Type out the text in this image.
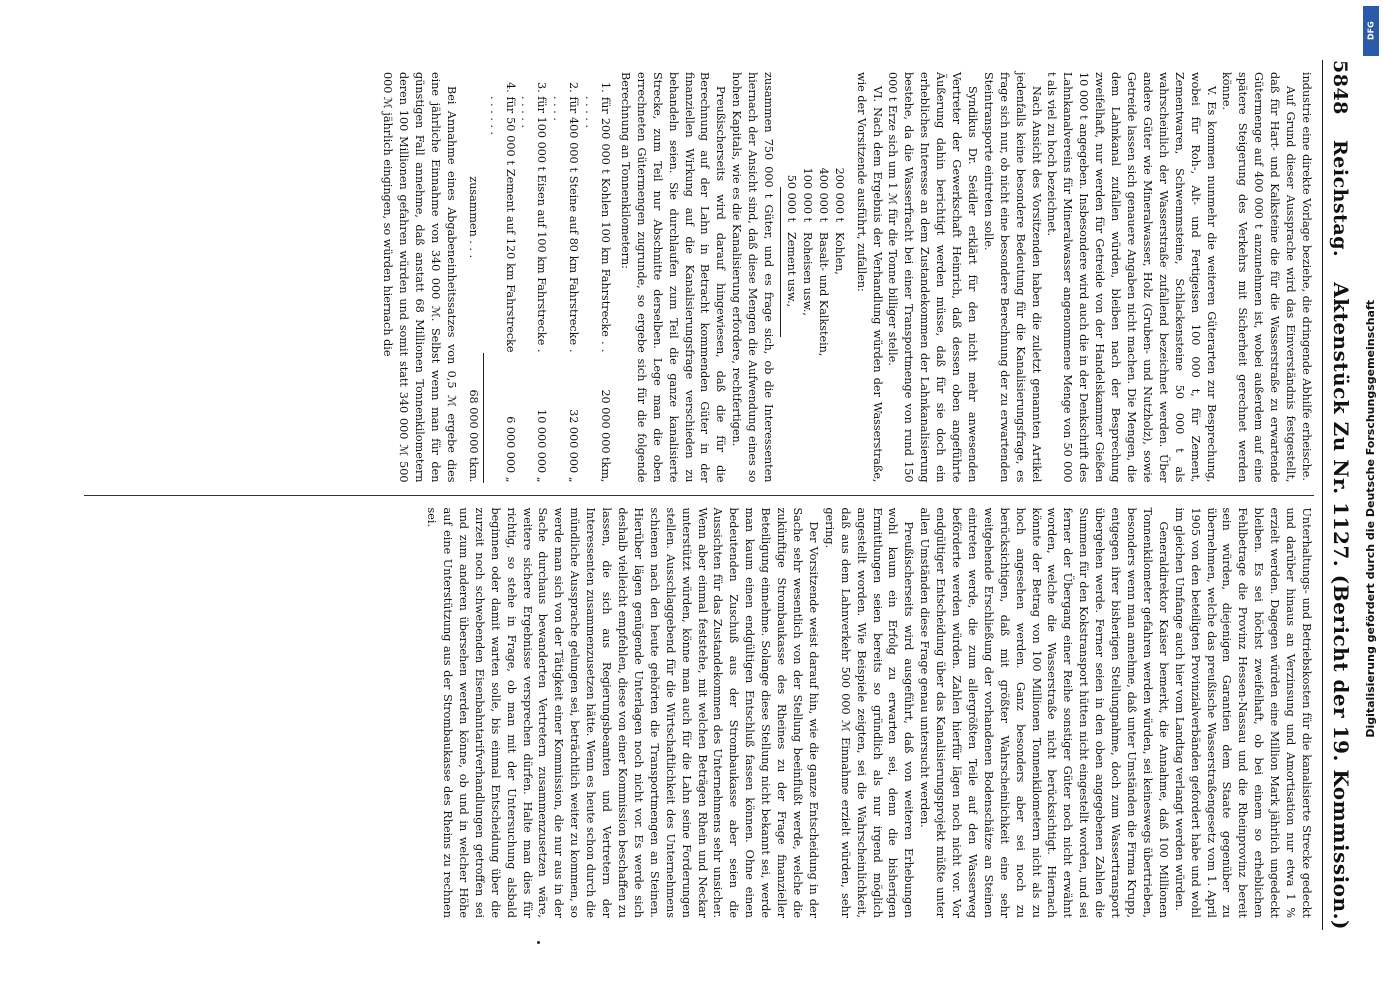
5848
Reichstag.
Aktenstück Zu Nr. 1127. (Bericht der 19. Kommission.)

industrie eine direkte Vorlage beziehe, die dringende Abhilfe erheische.

Auf Grund dieser Aussprache wird das Einverständnis festgestellt, daß für Hart- und Kalksteine die für die Wasserstraße zu erwartende Gütermenge auf 400 000 t anzunehmen ist, wobei außerdem auf eine spätere Steigerung des Verkehrs mit Sicherheit gerechnet werden könne.

V. Es kommen nunmehr die weiteren Güterarten zur Besprechung, wobei für Roh-, Alt- und Fertigeisen 100 000 t, für Zement, Zementwaren, Schwemmsteine, Schlackensteine 50 000 t als wahrscheinlich der Wasserstraße zufallend bezeichnet werden. Über andere Güter wie Mineralwasser, Holz (Gruben- und Nutzholz), sowie Getreide lassen sich genauere Angaben nicht machen. Die Mengen, die dem Lahnkanal zufallen würden, bleiben nach der Besprechung zweifelhaft, nur werden für Getreide von der Handelskammer Gießen 10 000 t angegeben. Insbesondere wird auch die in der Denkschrift des Lahnkanalvereins für Mineralwasser angenommene Menge von 50 000 t als viel zu hoch bezeichnet.

Nach Ansicht des Vorsitzenden haben die zuletzt genannten Artikel jedenfalls keine besondere Bedeutung für die Kanalisierungsfrage, es frage sich nur, ob nicht eine besondere Berechnung der zu erwartenden Steintransporte eintreten solle.

Syndikus Dr. Seidler erklärt für den nicht mehr anwesenden Vertreter der Gewerkschaft Heinrich, daß dessen oben angeführte Äußerung dahin berichtigt werden müsse, daß für sie doch ein erhebliches Interesse an dem Zustandekommen der Lahnkanalisierung bestehe, da die Wasserfracht bei einer Transportmenge von rund 150 000 t Erze sich um 1 ℳ für die Tonne billiger stelle.

VI. Nach dem Ergebnis der Verhandlung würden der Wasserstraße, wie der Vorsitzende ausführt, zufallen:

200 000 t
Kohlen,
400 000 t
Basalt- und Kalkstein,
100 000 t
Roheisen usw.,
50 000 t
Zement usw.,

zusammen 750 000 t Güter, und es frage sich, ob die Interessenten hiernach der Ansicht sind, daß diese Mengen die Aufwendung eines so hohen Kapitals, wie es die Kanalisierung erfordere, rechtfertigen.

Preußischerseits wird darauf hingewiesen, daß die für die Berechnung auf der Lahn in Betracht kommenden Güter in der finanziellen Wirkung auf die Kanalisierungsfrage verschieden zu behandeln seien. Sie durchlaufen zum Teil die ganze kanalisierte Strecke, zum Teil nur Abschnitte derselben. Lege man die oben errechneten Gütermengen zugrunde, so ergebe sich für die folgende Berechnung an Tonnenkilometern:

1. für 200 000 t Kohlen 100 km Fahrstrecke . . . . . . .
20 000 000 tkm,
2. für 400 000 t Steine auf 80 km Fahrstrecke . . . . .
32 000 000 „
3. für 100 000 t Eisen auf 100 km Fahrstrecke . . . . . .
10 000 000 „
4. für 50 000 t Zement auf 120 km Fahrstrecke . . . . . .
6 000 000 „
zusammen . . .
68 000 000 tkm.

Bei Annahme eines Abgabeneinheitssatzes von 0,5 ℳ ergebe dies eine jährliche Einnahme von 340 000 ℳ. Selbst wenn man für den günstigen Fall annehme, daß anstatt 68 Millionen Tonnenkilometern deren 100 Millionen gefahren würden und somit statt 340 000 ℳ 500 000 ℳ jährlich eingingen, so würden hiernach die

Unterhaltungs- und Betriebskosten für die kanalisierte Strecke gedeckt und darüber hinaus an Verzinsung und Amortisation nur etwa 1 % erzielt werden. Dagegen würden eine Million Mark jährlich ungedeckt bleiben. Es sei höchst zweifelhaft, ob bei einem so erheblichen Fehlbetrage die Provinz Hessen-Nassau und die Rheinprovinz bereit sein würden, diejenigen Garantien dem Staate gegenüber zu übernehmen, welche das preußische Wasserstraßengesetz vom 1. April 1905 von den beteiligten Provinzialverbänden gefordert habe und wohl im gleichen Umfange auch hier vom Landtag verlangt werden würden.

Generaldirektor Kaiser bemerkt, die Annahme, daß 100 Millionen Tonnenkilometer gefahren werden würden, sei keineswegs übertrieben, besonders wenn man annehme, daß unter Umständen die Firma Krupp, entgegen ihrer bisherigen Stellungnahme, doch zum Wassertransport übergehen werde. Ferner seien in den oben angegebenen Zahlen die Summen für den Kokstransport hütten nicht eingestellt worden, und sei ferner der Übergang einer Reihe sonstiger Güter noch nicht erwähnt worden, welche die Wasserstraße nicht berücksichtigt. Hiernach könnte der Betrag von 100 Millionen Tonnenkilometern nicht als zu hoch angesehen werden. Ganz besonders aber sei noch zu berücksichtigen, daß mit größter Wahrscheinlichkeit eine sehr weitgehende Erschließung der vorhandenen Bodenschätze an Steinen eintreten werde, die zum allergrößten Teile auf den Wasserweg beförderte werden würden. Zahlen hierfür lägen noch nicht vor. Vor endgültiger Entscheidung über das Kanalisierungsprojekt müßte unter allen Umständen diese Frage genau untersucht werden.

Preußischerseits wird ausgeführt, daß von weiteren Erhebungen wohl kaum ein Erfolg zu erwarten sei, denn die bisherigen Ermittlungen seien bereits so gründlich als nur irgend möglich angestellt worden. Wie Beispiele zeigten, sei die Wahrscheinlichkeit, daß aus dem Lahnverkehr 500 000 ℳ Einnahme erzielt würden, sehr gering.

Der Vorsitzende weist darauf hin, wie die ganze Entscheidung in der Sache sehr wesentlich von der Stellung beeinflußt werde, welche die zukünftige Strombaukasse des Rheines zu der Frage finanzieller Beteiligung einnehme. Solange diese Stellung nicht bekannt sei, werde man kaum einen endgültigen Entschluß fassen können. Ohne einen bedeutenden Zuschuß aus der Strombaukasse aber seien die Aussichten für das Zustandekommen des Unternehmens sehr unsicher. Wenn aber einmal feststehe, mit welchen Beträgen Rhein und Neckar unterstützt würden, könne man auch für die Lahn seine Forderungen stellen. Ausschlaggebend für die Wirtschaftlichkeit des Unternehmens schienen nach den heute gehörten die Transportmengen an Steinen. Hierüber lägen genügende Unterlagen noch nicht vor. Es werde sich deshalb vielleicht empfehlen, diese von einer Kommission beschaffen zu lassen, die sich aus Regierungsbeamten und Vertretern der Interessenten zusammenzusetzen hätte. Wenn es heute schon durch die mündliche Aussprache gelungen sei, beträchtlich weiter zu kommen, so werde man sich von der Tätigkeit einer Kommission, die nur aus in der Sache durchaus bewanderten Vertretern zusammenzusetzen wäre, weitere sichere Ergebnisse versprechen dürfen. Halte man dies für richtig, so stehe in Frage, ob man mit der Untersuchung alsbald beginnen oder damit warten solle, bis einmal Entscheidung über die zurzeit noch schwebenden Eisenbahntarifverhandlungen getroffen sei und zum anderen übersehen werden könne, ob und in welcher Höhe auf eine Unterstützung aus der Strombaukasse des Rheins zu rechnen sei.

DFG
Digitalisierung gefördert durch die Deutsche Forschungsgemeinschaft
